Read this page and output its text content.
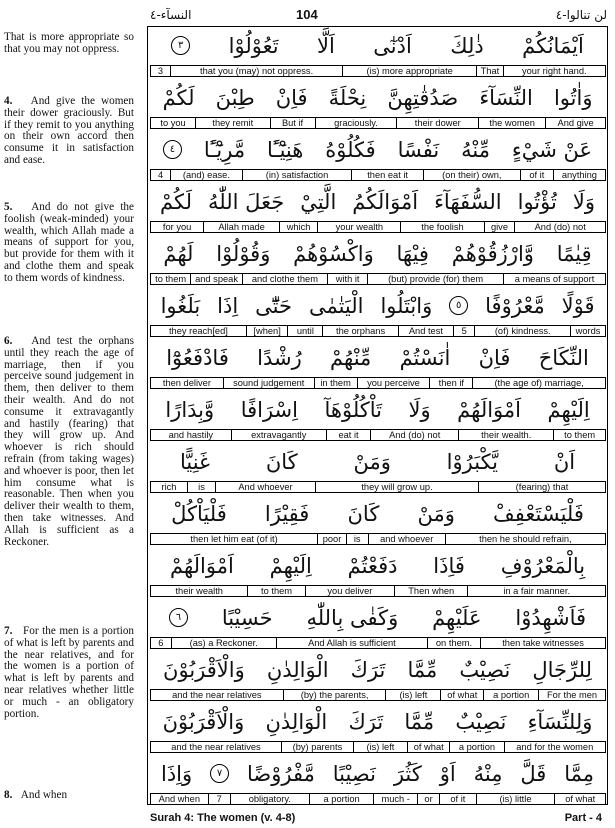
النسآء-٤	104	لن تنالوا-٤
That is more appropriate so that you may not oppress.
4. And give the women their dower graciously. But if they remit to you anything on their own accord then consume it in satisfaction and ease.
5. And do not give the foolish (weak-minded) your wealth, which Allah made a means of support for you, but provide for them with it and clothe them and speak to them words of kindness.
6. And test the orphans until they reach the age of marriage, then if you perceive sound judgement in them, then deliver to them their wealth. And do not consume it extravagantly and hastily (fearing) that they will grow up. And whoever is rich should refrain (from taking wages) and whoever is poor, then let him consume what is reasonable. Then when you deliver their wealth to them, then take witnesses. And Allah is sufficient as a Reckoner.
7. For the men is a portion of what is left by parents and the near relatives, and for the women is a portion of what is left by parents and near relatives whether little or much - an obligatory portion.
8. And when
اَيْمَانُكُمْ
ذٰلِكَ
اَدْنٰٓى
اَلَّا
تَعُوْلُوْا
٣
3	that you (may) not oppress.	(is) more appropriate	That	your right hand.
وَاٰتُوا
النِّسَآءَ
صَدُقٰتِهِنَّ
نِحْلَةً
فَاِنْ
طِبْنَ
لَكُمْ
to you	they remit	But if	graciously.	their dower	the women	And give
عَنْ شَيْءٍ
مِّنْهُ
نَفْسًا
فَكُلُوْهُ
هَنِيْٓـًٔا
مَّرِيْٓـًٔا
٤
4	(and) ease.	(in) satisfaction	then eat it	(on their) own,	of it	anything
وَلَا
تُؤْتُوا
السُّفَهَآءَ
اَمْوَالَكُمُ
الَّتِيْ
جَعَلَ اللّٰهُ
لَكُمْ
for you	Allah made	which	your wealth	the foolish	give	And (do) not
قِيٰمًا
وَّارْزُقُوْهُمْ
فِيْهَا
وَاكْسُوْهُمْ
وَقُوْلُوْا
لَهُمْ
to them and speak	and clothe them	with it	(but) provide (for) them	a means of support
قَوْلًا
مَّعْرُوْفًا
٥
وَابْتَلُوا
الْيَتٰمٰى
حَتّٰٓى
اِذَا
بَلَغُوا
they reach[ed]	[when]	until	the orphans	And test	5	(of) kindness.	words
النِّكَاحَ
فَاِنْ
اٰنَسْتُمْ
مِّنْهُمْ
رُشْدًا
فَادْفَعُوْٓا
then deliver	sound judgement	in them	you perceive	then if	(the age of) marriage,
اِلَيْهِمْ
اَمْوَالَهُمْ
وَلَا
تَاْكُلُوْهَآ
اِسْرَافًا
وَّبِدَارًا
and hastily	extravagantly	eat it	And (do) not	their wealth.	to them
اَنْ
يَّكْبَرُوْا
وَمَنْ
كَانَ
غَنِيًّا
rich	is	And whoever	they will grow up.	(fearing) that
فَلْيَسْتَعْفِفْ
وَمَنْ
كَانَ
فَقِيْرًا
فَلْيَاْكُلْ
then let him eat (of it)	poor	is	and whoever	then he should refrain,
بِالْمَعْرُوْفِ
فَاِذَا
دَفَعْتُمْ
اِلَيْهِمْ
اَمْوَالَهُمْ
their wealth	to them	you deliver	Then when	in a fair manner.
فَاَشْهِدُوْا
عَلَيْهِمْ
وَكَفٰى بِاللّٰهِ
حَسِيْبًا
٦
6	(as) a Reckoner.	And Allah is sufficient	on them.	then take witnesses
لِلرِّجَالِ
نَصِيْبٌ
مِّمَّا
تَرَكَ
الْوَالِدٰنِ
وَالْاَقْرَبُوْنَ
and the near relatives	(by) the parents,	(is) left	of what	a portion	For the men
وَلِلنِّسَآءِ
نَصِيْبٌ
مِّمَّا
تَرَكَ
الْوَالِدٰنِ
وَالْاَقْرَبُوْنَ
and the near relatives	(by) parents	(is) left	of what	a portion	and for the women
مِمَّا
قَلَّ
مِنْهُ
اَوْ
كَثُرَ
نَصِيْبًا
مَّفْرُوْضًا
٧
وَاِذَا
And when	7	obligatory.	a portion	much -	or	of it	(is) little	of what
Surah 4: The women (v. 4-8)	Part - 4
